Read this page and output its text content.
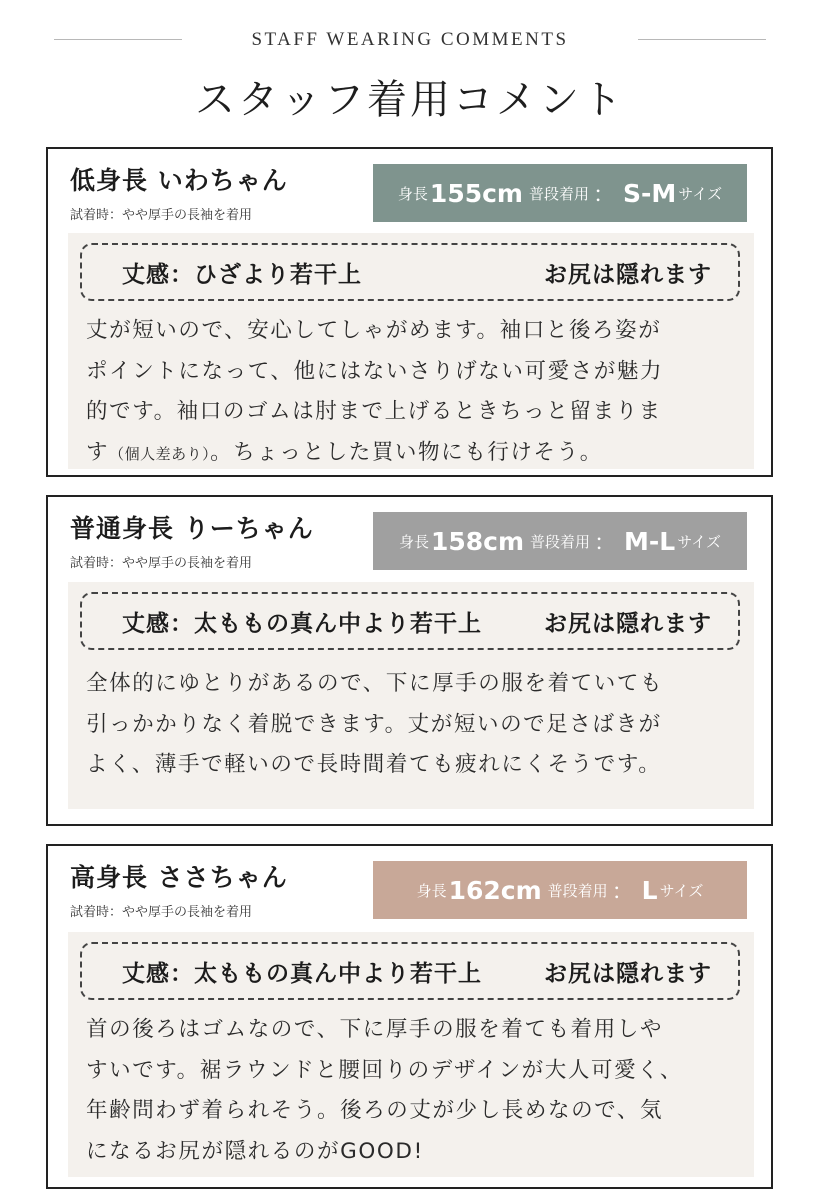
STAFF WEARING COMMENTS
スタッフ着用コメント
低身長 いわちゃん
試着時：やや厚手の長袖を着用
身長 155cm 普段着用 ： S-M サイズ
丈感：ひざより若干上	お尻は隠れます
丈が短いので、安心してしゃがめます。袖口と後ろ姿が
ポイントになって、他にはないさりげない可愛さが魅力
的です。袖口のゴムは肘まで上げるときちっと留まりま
す（個人差あり）。ちょっとした買い物にも行けそう。
普通身長 りーちゃん
試着時：やや厚手の長袖を着用
身長 158cm 普段着用 ： M-L サイズ
丈感：太ももの真ん中より若干上	お尻は隠れます
全体的にゆとりがあるので、下に厚手の服を着ていても
引っかかりなく着脱できます。丈が短いので足さばきが
よく、薄手で軽いので長時間着ても疲れにくそうです。
高身長 ささちゃん
試着時：やや厚手の長袖を着用
身長 162cm 普段着用 ： L サイズ
丈感：太ももの真ん中より若干上	お尻は隠れます
首の後ろはゴムなので、下に厚手の服を着ても着用しや
すいです。裾ラウンドと腰回りのデザインが大人可愛く、
年齢問わず着られそう。後ろの丈が少し長めなので、気
になるお尻が隠れるのがGOOD!
